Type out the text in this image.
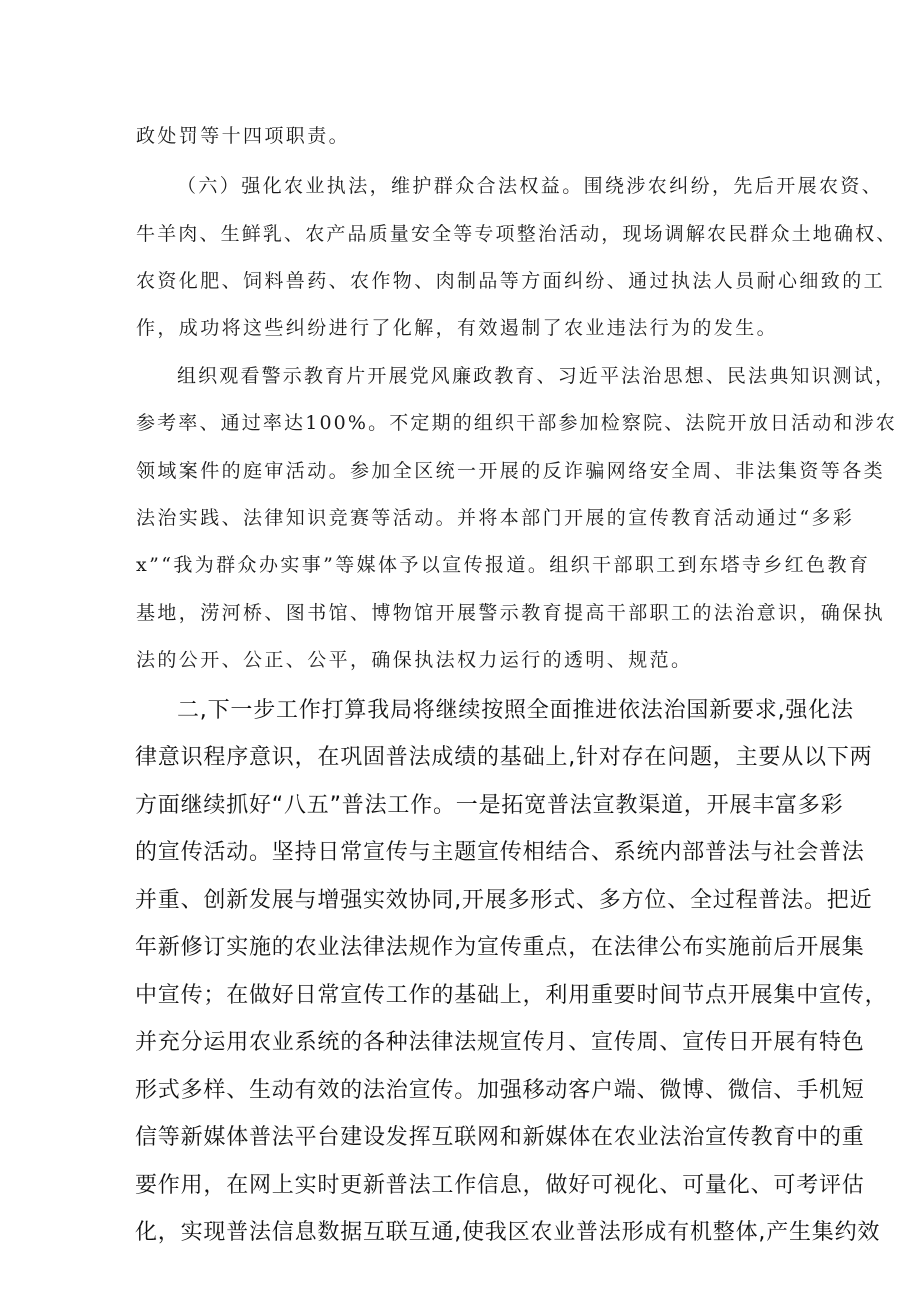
政处罚等十四项职责。

（六）强化农业执法，维护群众合法权益。围绕涉农纠纷，先后开展农资、

牛羊肉、生鲜乳、农产品质量安全等专项整治活动，现场调解农民群众土地确权、

农资化肥、饲料兽药、农作物、肉制品等方面纠纷、通过执法人员耐心细致的工

作，成功将这些纠纷进行了化解，有效遏制了农业违法行为的发生。

组织观看警示教育片开展党风廉政教育、习近平法治思想、民法典知识测试，

参考率、通过率达100%。不定期的组织干部参加检察院、法院开放日活动和涉农

领域案件的庭审活动。参加全区统一开展的反诈骗网络安全周、非法集资等各类

法治实践、法律知识竞赛等活动。并将本部门开展的宣传教育活动通过“多彩

x”“我为群众办实事”等媒体予以宣传报道。组织干部职工到东塔寺乡红色教育

基地，涝河桥、图书馆、博物馆开展警示教育提高干部职工的法治意识，确保执

法的公开、公正、公平，确保执法权力运行的透明、规范。

二,下一步工作打算我局将继续按照全面推进依法治国新要求,强化法

律意识程序意识，在巩固普法成绩的基础上,针对存在问题，主要从以下两

方面继续抓好“八五”普法工作。一是拓宽普法宣教渠道，开展丰富多彩

的宣传活动。坚持日常宣传与主题宣传相结合、系统内部普法与社会普法

并重、创新发展与增强实效协同,开展多形式、多方位、全过程普法。把近

年新修订实施的农业法律法规作为宣传重点，在法律公布实施前后开展集

中宣传；在做好日常宣传工作的基础上，利用重要时间节点开展集中宣传，

并充分运用农业系统的各种法律法规宣传月、宣传周、宣传日开展有特色

形式多样、生动有效的法治宣传。加强移动客户端、微博、微信、手机短

信等新媒体普法平台建设发挥互联网和新媒体在农业法治宣传教育中的重

要作用，在网上实时更新普法工作信息，做好可视化、可量化、可考评估

化，实现普法信息数据互联互通,使我区农业普法形成有机整体,产生集约效
